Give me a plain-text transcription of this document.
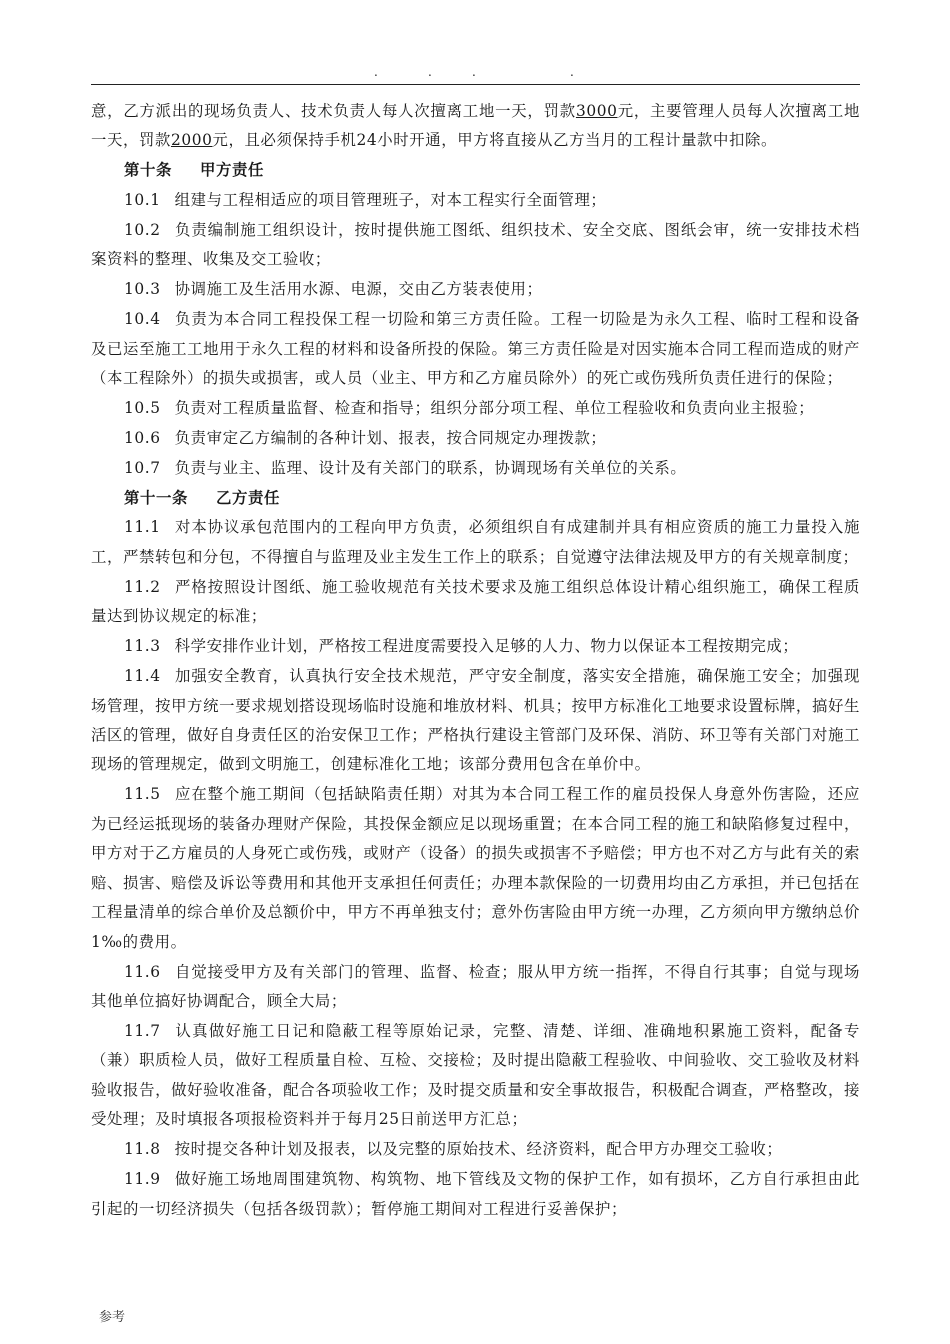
.	.	.	.

意，乙方派出的现场负责人、技术负责人每人次擅离工地一天，罚款3000元，主要管理人员每人次擅离工地一天，罚款2000元，且必须保持手机24小时开通，甲方将直接从乙方当月的工程计量款中扣除。

第十条 甲方责任

10.1 组建与工程相适应的项目管理班子，对本工程实行全面管理；

10.2 负责编制施工组织设计，按时提供施工图纸、组织技术、安全交底、图纸会审，统一安排技术档案资料的整理、收集及交工验收；

10.3 协调施工及生活用水源、电源，交由乙方装表使用；

10.4 负责为本合同工程投保工程一切险和第三方责任险。工程一切险是为永久工程、临时工程和设备及已运至施工工地用于永久工程的材料和设备所投的保险。第三方责任险是对因实施本合同工程而造成的财产（本工程除外）的损失或损害，或人员（业主、甲方和乙方雇员除外）的死亡或伤残所负责任进行的保险；

10.5 负责对工程质量监督、检查和指导；组织分部分项工程、单位工程验收和负责向业主报验；

10.6 负责审定乙方编制的各种计划、报表，按合同规定办理拨款；

10.7 负责与业主、监理、设计及有关部门的联系，协调现场有关单位的关系。

第十一条 乙方责任

11.1 对本协议承包范围内的工程向甲方负责，必须组织自有成建制并具有相应资质的施工力量投入施工，严禁转包和分包，不得擅自与监理及业主发生工作上的联系；自觉遵守法律法规及甲方的有关规章制度；

11.2 严格按照设计图纸、施工验收规范有关技术要求及施工组织总体设计精心组织施工，确保工程质量达到协议规定的标准；

11.3 科学安排作业计划，严格按工程进度需要投入足够的人力、物力以保证本工程按期完成；

11.4 加强安全教育，认真执行安全技术规范，严守安全制度，落实安全措施，确保施工安全；加强现场管理，按甲方统一要求规划搭设现场临时设施和堆放材料、机具；按甲方标准化工地要求设置标牌，搞好生活区的管理，做好自身责任区的治安保卫工作；严格执行建设主管部门及环保、消防、环卫等有关部门对施工现场的管理规定，做到文明施工，创建标准化工地；该部分费用包含在单价中。

11.5 应在整个施工期间（包括缺陷责任期）对其为本合同工程工作的雇员投保人身意外伤害险，还应为已经运抵现场的装备办理财产保险，其投保金额应足以现场重置；在本合同工程的施工和缺陷修复过程中，甲方对于乙方雇员的人身死亡或伤残，或财产（设备）的损失或损害不予赔偿；甲方也不对乙方与此有关的索赔、损害、赔偿及诉讼等费用和其他开支承担任何责任；办理本款保险的一切费用均由乙方承担，并已包括在工程量清单的综合单价及总额价中，甲方不再单独支付；意外伤害险由甲方统一办理，乙方须向甲方缴纳总价1‰的费用。

11.6 自觉接受甲方及有关部门的管理、监督、检查；服从甲方统一指挥，不得自行其事；自觉与现场其他单位搞好协调配合，顾全大局；

11.7 认真做好施工日记和隐蔽工程等原始记录，完整、清楚、详细、准确地积累施工资料，配备专（兼）职质检人员，做好工程质量自检、互检、交接检；及时提出隐蔽工程验收、中间验收、交工验收及材料验收报告，做好验收准备，配合各项验收工作；及时提交质量和安全事故报告，积极配合调查，严格整改，接受处理；及时填报各项报检资料并于每月25日前送甲方汇总；

11.8 按时提交各种计划及报表，以及完整的原始技术、经济资料，配合甲方办理交工验收；

11.9 做好施工场地周围建筑物、构筑物、地下管线及文物的保护工作，如有损坏，乙方自行承担由此引起的一切经济损失（包括各级罚款）；暂停施工期间对工程进行妥善保护；

参考
